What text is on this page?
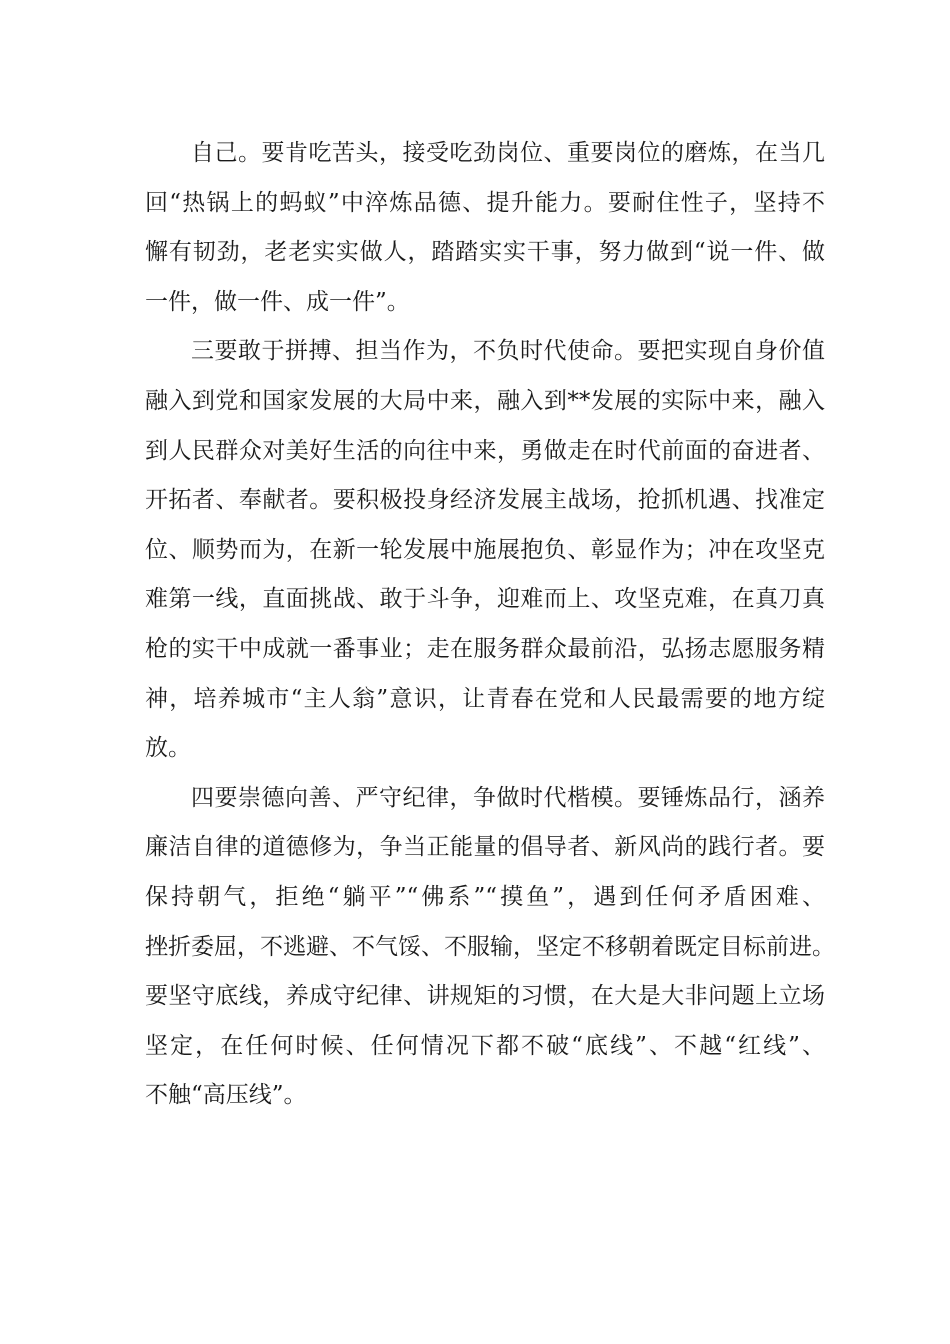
自己。要肯吃苦头，接受吃劲岗位、重要岗位的磨炼，在当几
回“热锅上的蚂蚁”中淬炼品德、提升能力。要耐住性子，坚持不
懈有韧劲，老老实实做人，踏踏实实干事，努力做到“说一件、做
一件，做一件、成一件”。
三要敢于拼搏、担当作为，不负时代使命。要把实现自身价值
融入到党和国家发展的大局中来，融入到**发展的实际中来，融入
到人民群众对美好生活的向往中来，勇做走在时代前面的奋进者、
开拓者、奉献者。要积极投身经济发展主战场，抢抓机遇、找准定
位、顺势而为，在新一轮发展中施展抱负、彰显作为；冲在攻坚克
难第一线，直面挑战、敢于斗争，迎难而上、攻坚克难，在真刀真
枪的实干中成就一番事业；走在服务群众最前沿，弘扬志愿服务精
神，培养城市“主人翁”意识，让青春在党和人民最需要的地方绽
放。
四要崇德向善、严守纪律，争做时代楷模。要锤炼品行，涵养
廉洁自律的道德修为，争当正能量的倡导者、新风尚的践行者。要
保持朝气，拒绝“躺平”“佛系”“摸鱼”，遇到任何矛盾困难、
挫折委屈，不逃避、不气馁、不服输，坚定不移朝着既定目标前进。
要坚守底线，养成守纪律、讲规矩的习惯，在大是大非问题上立场
坚定，在任何时候、任何情况下都不破“底线”、不越“红线”、
不触“高压线”。
